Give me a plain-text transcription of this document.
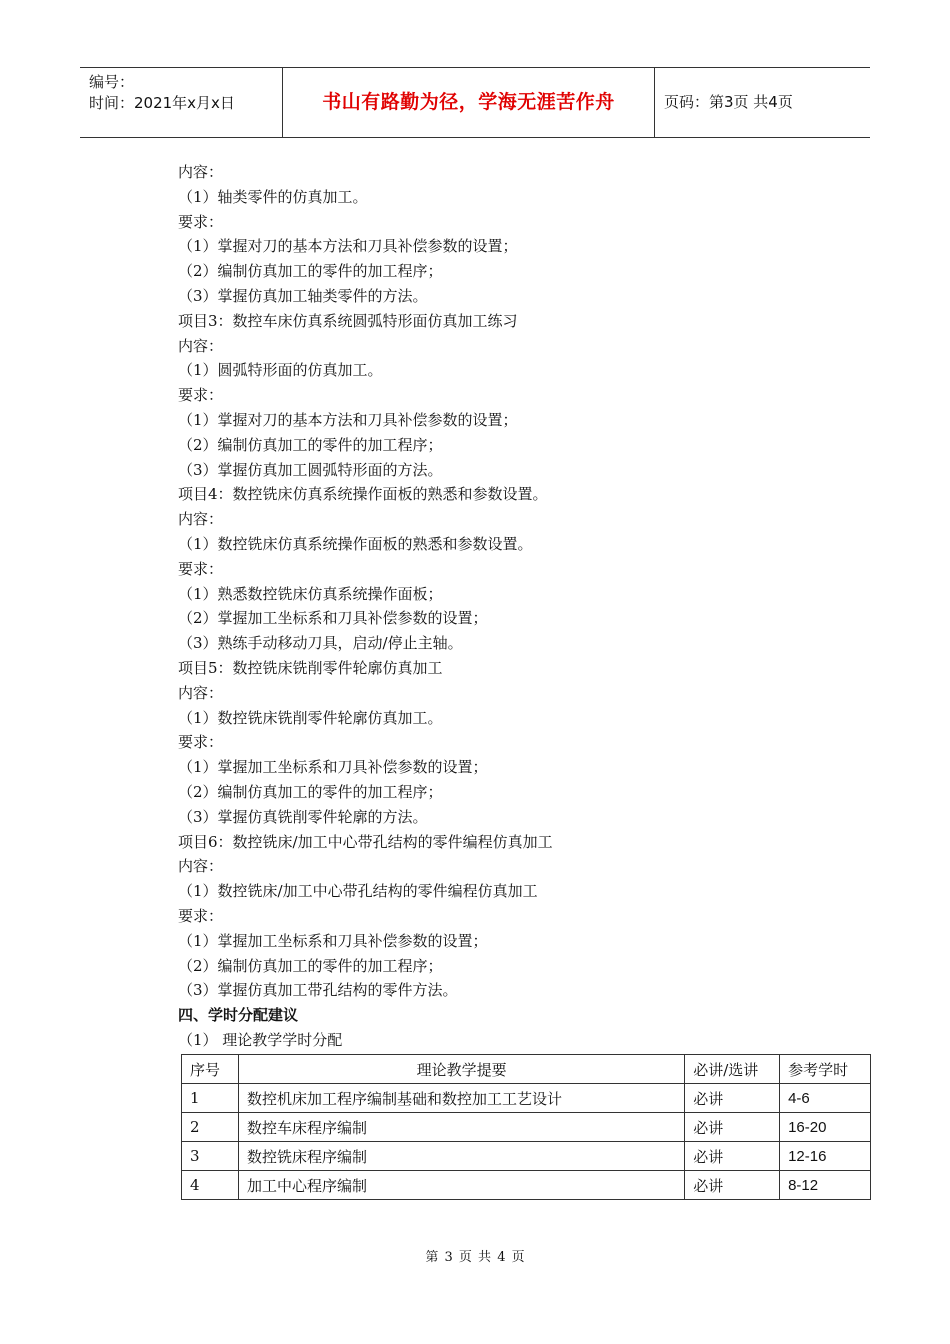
编号：
时间：2021年x月x日	书山有路勤为径，学海无涯苦作舟	页码：第3页 共4页
内容：
（1）轴类零件的仿真加工。
要求：
（1）掌握对刀的基本方法和刀具补偿参数的设置；
（2）编制仿真加工的零件的加工程序；
（3）掌握仿真加工轴类零件的方法。
项目3：数控车床仿真系统圆弧特形面仿真加工练习
内容：
（1）圆弧特形面的仿真加工。
要求：
（1）掌握对刀的基本方法和刀具补偿参数的设置；
（2）编制仿真加工的零件的加工程序；
（3）掌握仿真加工圆弧特形面的方法。
项目4：数控铣床仿真系统操作面板的熟悉和参数设置。
内容：
（1）数控铣床仿真系统操作面板的熟悉和参数设置。
要求：
（1）熟悉数控铣床仿真系统操作面板；
（2）掌握加工坐标系和刀具补偿参数的设置；
（3）熟练手动移动刀具，启动/停止主轴。
项目5：数控铣床铣削零件轮廓仿真加工
内容：
（1）数控铣床铣削零件轮廓仿真加工。
要求：
（1）掌握加工坐标系和刀具补偿参数的设置；
（2）编制仿真加工的零件的加工程序；
（3）掌握仿真铣削零件轮廓的方法。
项目6：数控铣床/加工中心带孔结构的零件编程仿真加工
内容：
（1）数控铣床/加工中心带孔结构的零件编程仿真加工
要求：
（1）掌握加工坐标系和刀具补偿参数的设置；
（2）编制仿真加工的零件的加工程序；
（3）掌握仿真加工带孔结构的零件方法。
四、学时分配建议
（1） 理论教学学时分配
序号	理论教学提要	必讲/选讲	参考学时
1	数控机床加工程序编制基础和数控加工工艺设计	必讲	4-6
2	数控车床程序编制	必讲	16-20
3	数控铣床程序编制	必讲	12-16
4	加工中心程序编制	必讲	8-12
第 3 页 共 4 页
